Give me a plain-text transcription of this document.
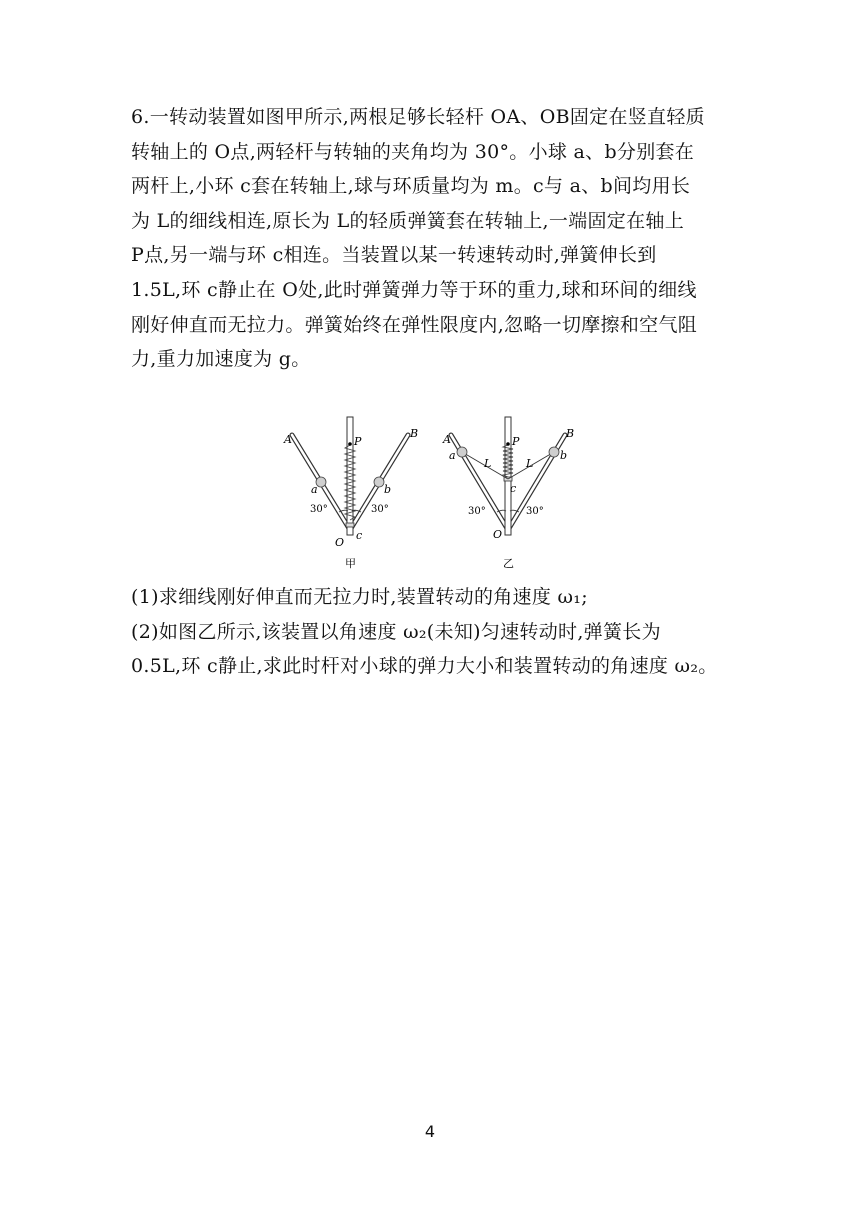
6.一转动装置如图甲所示,两根足够长轻杆 OA、OB固定在竖直轻质
转轴上的 O点,两轻杆与转轴的夹角均为 30°。小球 a、b分别套在
两杆上,小环 c套在转轴上,球与环质量均为 m。c与 a、b间均用长
为 L的细线相连,原长为 L的轻质弹簧套在转轴上,一端固定在轴上
P点,另一端与环 c相连。当装置以某一转速转动时,弹簧伸长到
1.5L,环 c静止在 O处,此时弹簧弹力等于环的重力,球和环间的细线
刚好伸直而无拉力。弹簧始终在弹性限度内,忽略一切摩擦和空气阻
力,重力加速度为 g。
A	B
P
a	b
c
O
30°	30°
甲
A	B
P
a	b
L	L
c
O
30°	30°
乙
(1)求细线刚好伸直而无拉力时,装置转动的角速度 ω₁;
(2)如图乙所示,该装置以角速度 ω₂(未知)匀速转动时,弹簧长为
0.5L,环 c静止,求此时杆对小球的弹力大小和装置转动的角速度 ω₂。
4
